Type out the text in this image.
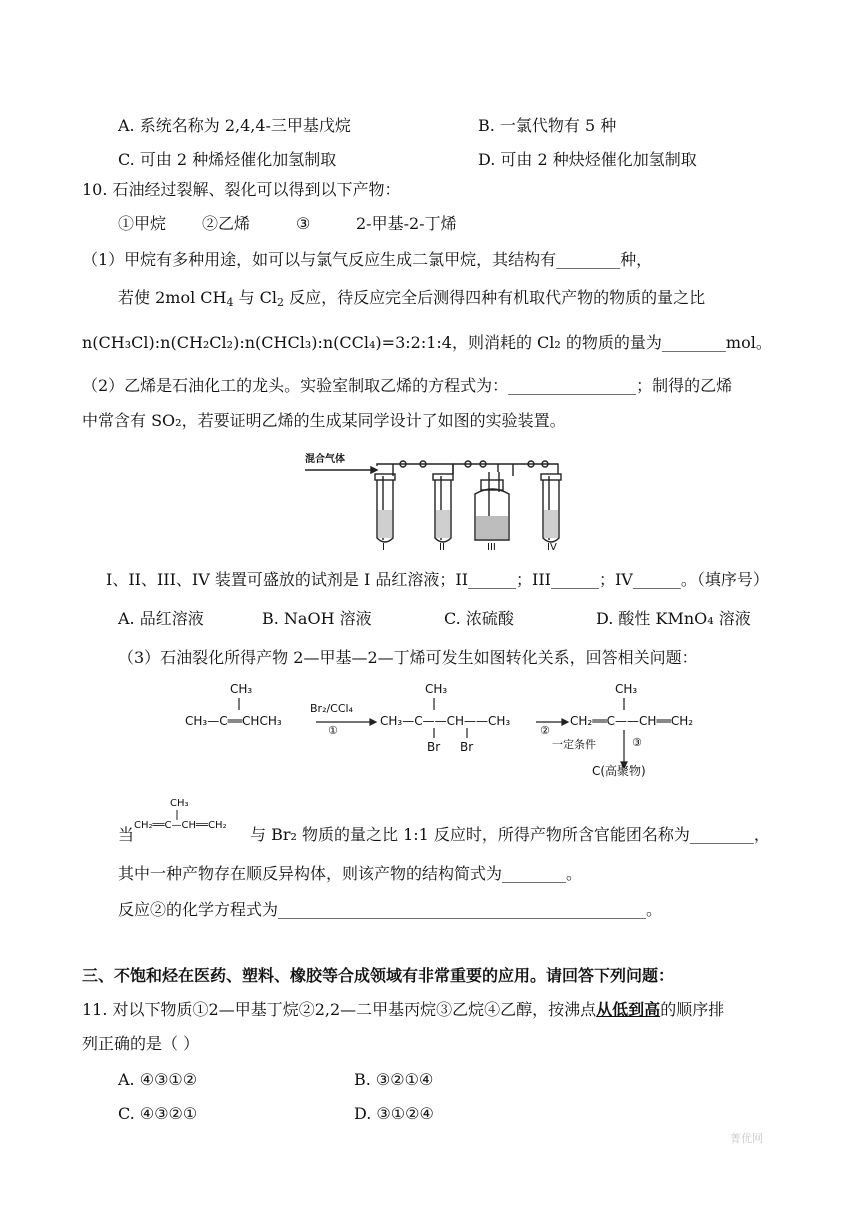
A. 系统名称为 2,4,4-三甲基戊烷	B. 一氯代物有 5 种
C. 可由 2 种烯烃催化加氢制取	D. 可由 2 种炔烃催化加氢制取
10. 石油经过裂解、裂化可以得到以下产物：
①甲烷 ②乙烯	③	2-甲基-2-丁烯
（1）甲烷有多种用途，如可以与氯气反应生成二氯甲烷，其结构有________种，
若使 2mol $CH_4$ 与 $Cl_2$ 反应，待反应完全后测得四种有机取代产物的物质的量之比
n(CH₃Cl):n(CH₂Cl₂):n(CHCl₃):n(CCl₄)=3:2:1:4，则消耗的 Cl₂ 的物质的量为________mol。
（2）乙烯是石油化工的龙头。实验室制取乙烯的方程式为：________________；制得的乙烯
中常含有 SO₂，若要证明乙烯的生成某同学设计了如图的实验装置。
混合气体
I	II	III	IV
I、II、III、IV 装置可盛放的试剂是 I 品红溶液；II______；III______；IV______。（填序号）
A. 品红溶液	B. NaOH 溶液	C. 浓硫酸	D. 酸性 KMnO₄ 溶液
（3）石油裂化所得产物 2—甲基—2—丁烯可发生如图转化关系，回答相关问题：
CH₃
CH₃—C══CHCH₃
Br₂/CCl₄
①
CH₃
CH₃—C——CH——CH₃
Br Br
②
一定条件
CH₃
CH₂══C——CH══CH₂
③
C(高聚物)
当
CH₃
CH₂══C—CH══CH₂ 与 Br₂ 物质的量之比 1:1 反应时，所得产物所含官能团名称为________，
其中一种产物存在顺反异构体，则该产物的结构简式为________。
反应②的化学方程式为______________________________________________。
三、不饱和烃在医药、塑料、橡胶等合成领域有非常重要的应用。请回答下列问题：
11. 对以下物质①2—甲基丁烷②2,2—二甲基丙烷③乙烷④乙醇，按沸点从低到高的顺序排
列正确的是（ ）
A. ④③①②	B. ③②①④
C. ④③②①	D. ③①②④
菁优网
